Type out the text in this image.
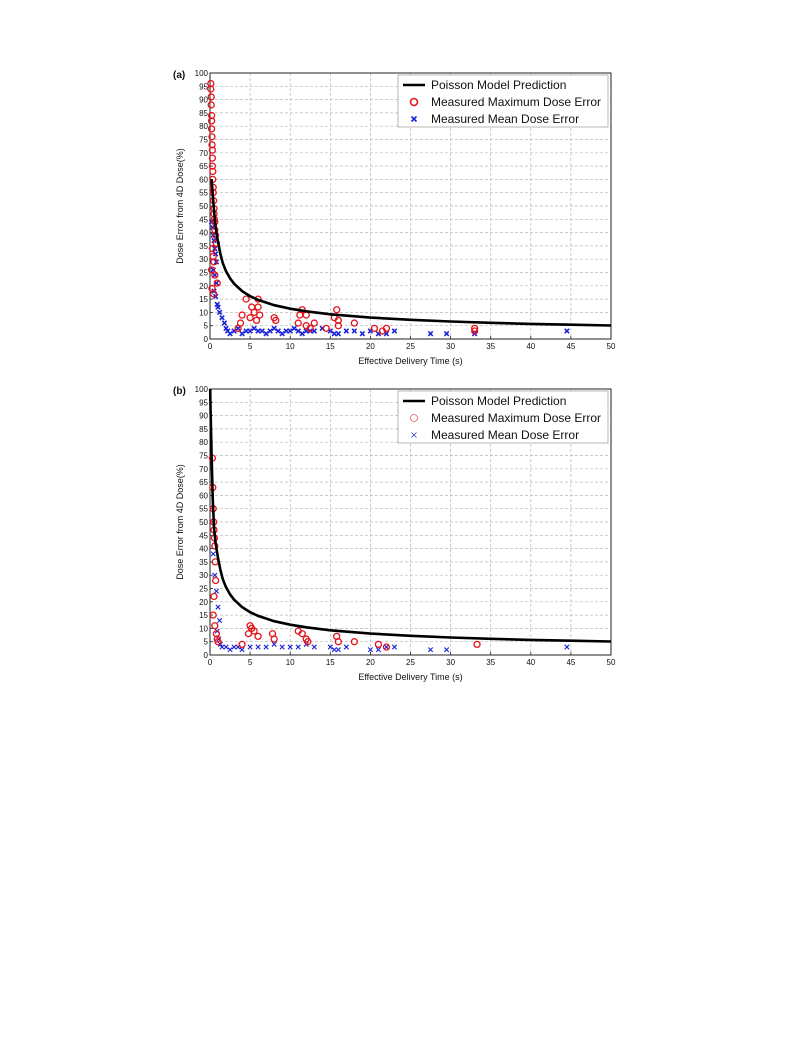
0	5	10	15	20	25	30	35	40	45	50
0
5
10
15
20
25
30
35
40
45
50
55
60
65
70
75
80
85
90
95
100
Effective Delivery Time (s)
Dose Error from 4D Dose(%)
(a)
Poisson Model Prediction
Measured Maximum Dose Error
Measured Mean Dose Error
0	5	10	15	20	25	30	35	40	45	50
0
5
10
15
20
25
30
35
40
45
50
55
60
65
70
75
80
85
90
95
100
Effective Delivery Time (s)
Dose Error from 4D Dose(%)
(b)
Poisson Model Prediction
Measured Maximum Dose Error
Measured Mean Dose Error
